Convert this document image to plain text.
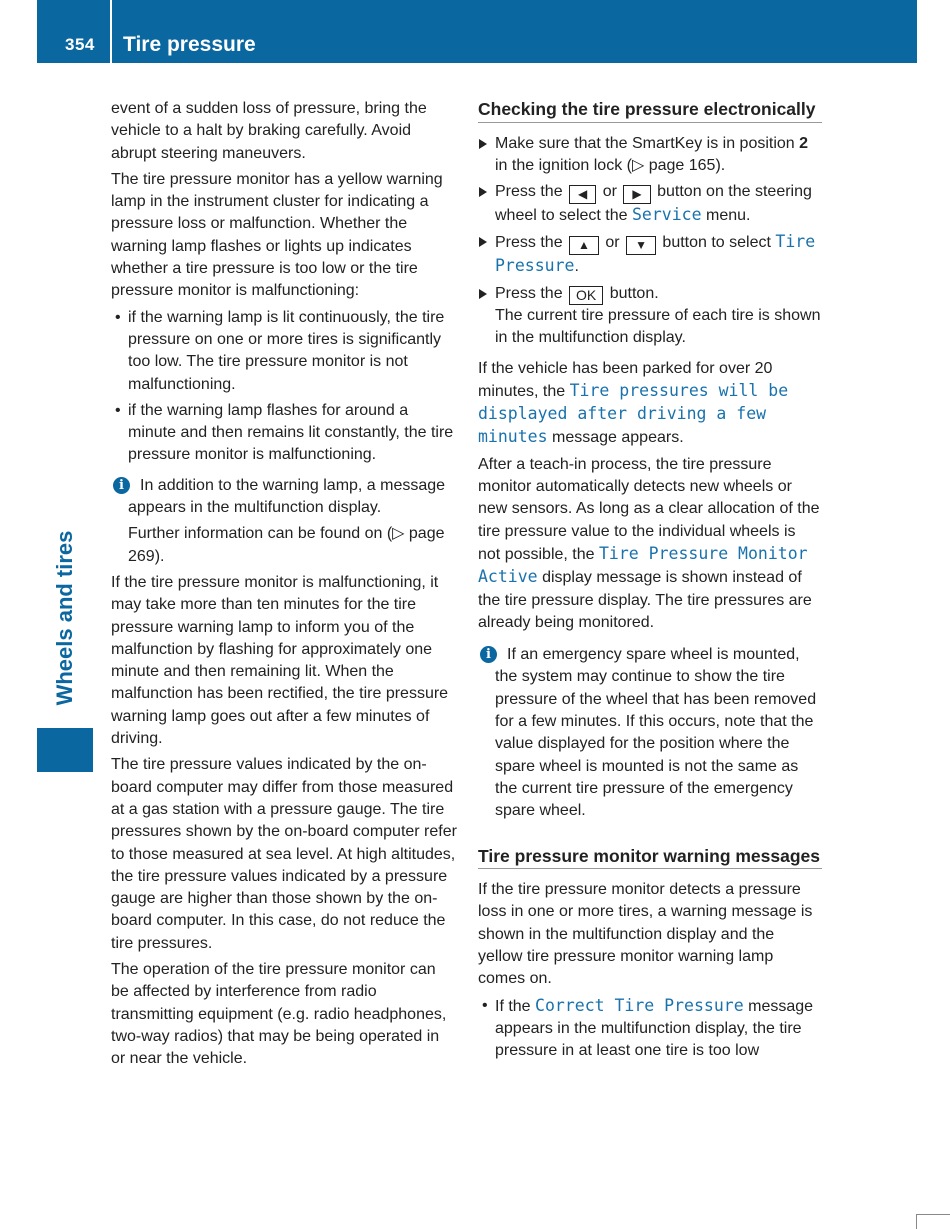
354 Tire pressure
Wheels and tires

event of a sudden loss of pressure, bring the vehicle to a halt by braking carefully. Avoid abrupt steering maneuvers.

The tire pressure monitor has a yellow warning lamp in the instrument cluster for indicating a pressure loss or malfunction. Whether the warning lamp flashes or lights up indicates whether a tire pressure is too low or the tire pressure monitor is malfunctioning:

• if the warning lamp is lit continuously, the tire pressure on one or more tires is significantly too low. The tire pressure monitor is not malfunctioning.
• if the warning lamp flashes for around a minute and then remains lit constantly, the tire pressure monitor is malfunctioning.
i	In addition to the warning lamp, a message appears in the multifunction display.

Further information can be found on (▷ page 269).

If the tire pressure monitor is malfunctioning, it may take more than ten minutes for the tire pressure warning lamp to inform you of the malfunction by flashing for approximately one minute and then remaining lit. When the malfunction has been rectified, the tire pressure warning lamp goes out after a few minutes of driving.

The tire pressure values indicated by the on-board computer may differ from those measured at a gas station with a pressure gauge. The tire pressures shown by the on-board computer refer to those measured at sea level. At high altitudes, the tire pressure values indicated by a pressure gauge are higher than those shown by the on-board computer. In this case, do not reduce the tire pressures.

The operation of the tire pressure monitor can be affected by interference from radio transmitting equipment (e.g. radio headphones, two-way radios) that may be being operated in or near the vehicle.

Checking the tire pressure electronically
Make sure that the SmartKey is in position 2 in the ignition lock (▷ page 165).
Press the ◀ or ▶ button on the steering wheel to select the Service menu.
Press the ▲ or ▼ button to select Tire Pressure.
Press the OK button.
The current tire pressure of each tire is shown in the multifunction display.

If the vehicle has been parked for over 20 minutes, the Tire pressures will be displayed after driving a few minutes message appears.

After a teach-in process, the tire pressure monitor automatically detects new wheels or new sensors. As long as a clear allocation of the tire pressure value to the individual wheels is not possible, the Tire Pressure Monitor Active display message is shown instead of the tire pressure display. The tire pressures are already being monitored.

i	If an emergency spare wheel is mounted, the system may continue to show the tire pressure of the wheel that has been removed for a few minutes. If this occurs, note that the value displayed for the position where the spare wheel is mounted is not the same as the current tire pressure of the emergency spare wheel.

Tire pressure monitor warning messages

If the tire pressure monitor detects a pressure loss in one or more tires, a warning message is shown in the multifunction display and the yellow tire pressure monitor warning lamp comes on.

• If the Correct Tire Pressure message appears in the multifunction display, the tire pressure in at least one tire is too low
